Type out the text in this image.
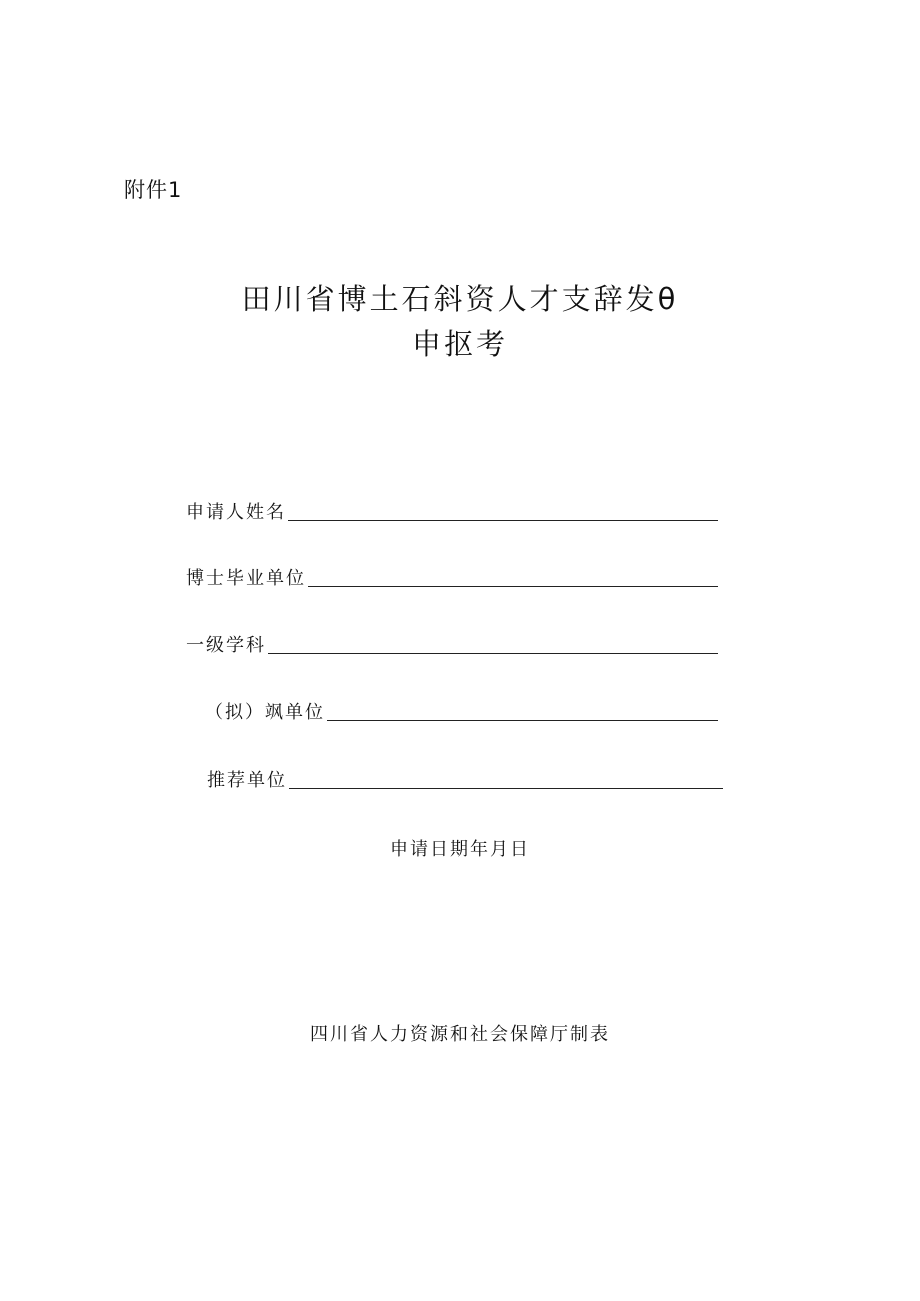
附件1
田川省博土石斜资人才支辞发θ
申抠考
申请人姓名
博士毕业单位
一级学科
（拟）飒单位
推荐单位
申请日期年月日
四川省人力资源和社会保障厅制表
